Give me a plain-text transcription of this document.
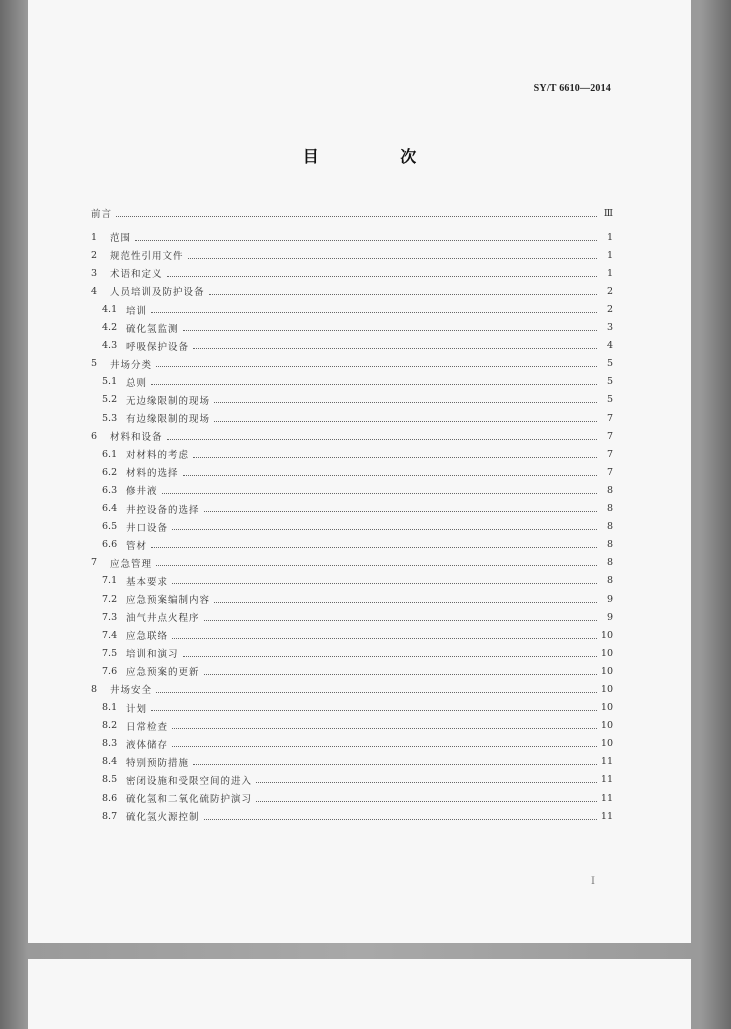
SY/T 6610—2014
目 次
前言	Ⅲ
1	范围	1
2	规范性引用文件	1
3	术语和定义	1
4	人员培训及防护设备	2
4.1 培训	2
4.2 硫化氢监测	3
4.3 呼吸保护设备	4
5	井场分类	5
5.1 总则	5
5.2 无边缘限制的现场	5
5.3 有边缘限制的现场	7
6	材料和设备	7
6.1 对材料的考虑	7
6.2 材料的选择	7
6.3 修井液	8
6.4 井控设备的选择	8
6.5 井口设备	8
6.6 管材	8
7	应急管理	8
7.1 基本要求	8
7.2 应急预案编制内容	9
7.3 油气井点火程序	9
7.4 应急联络	10
7.5 培训和演习	10
7.6 应急预案的更新	10
8	井场安全	10
8.1 计划	10
8.2 日常检查	10
8.3 液体储存	10
8.4 特别预防措施	11
8.5 密闭设施和受限空间的进入	11
8.6 硫化氢和二氧化硫防护演习	11
8.7 硫化氢火源控制	11
I
